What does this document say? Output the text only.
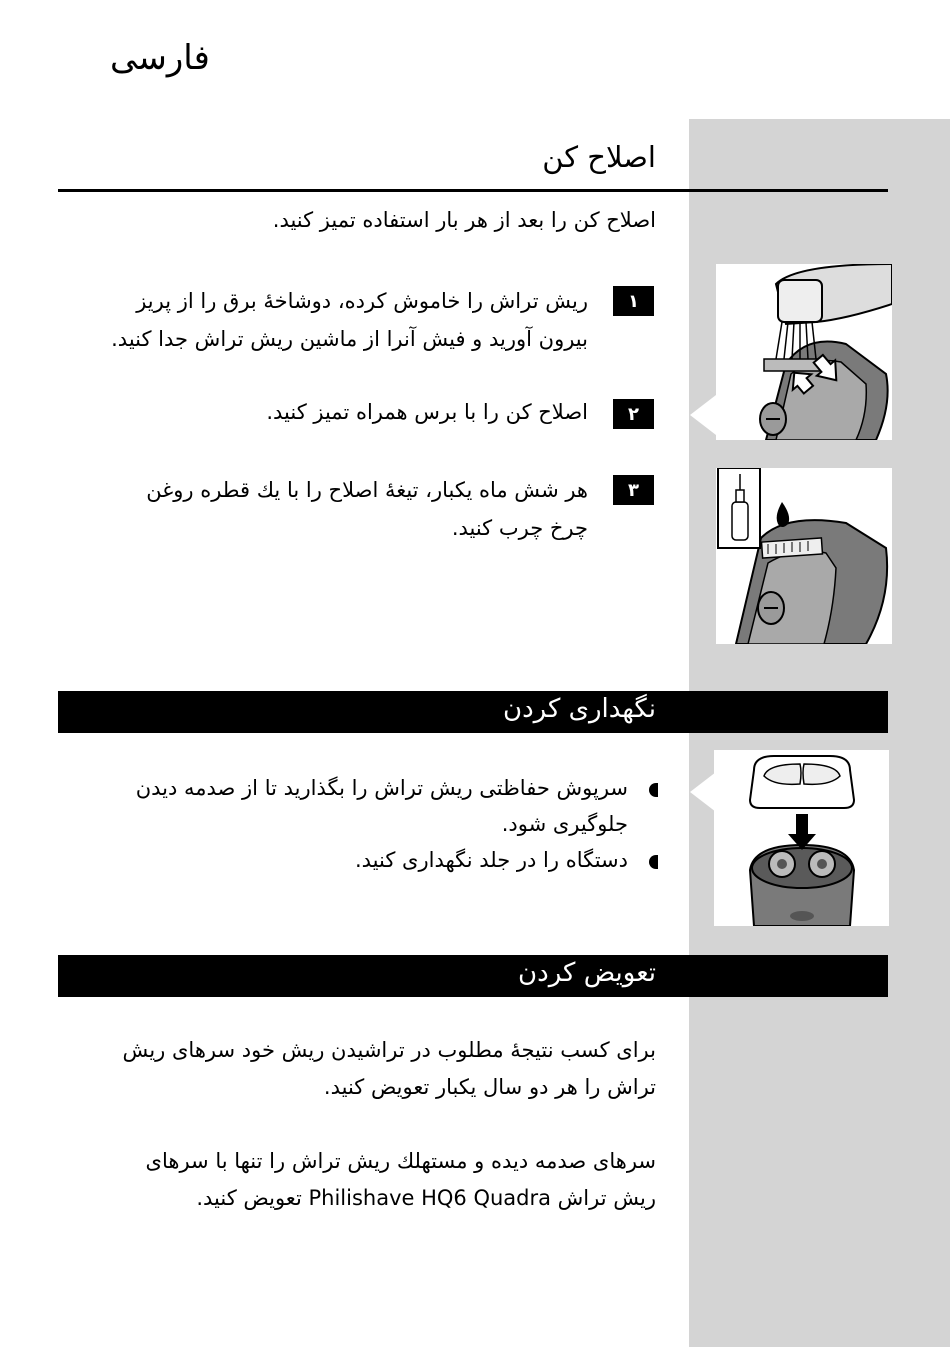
فارسی
اصلاح کن
اصلاح کن را بعد از هر بار استفاده تمیز کنید.
۱
ریش تراش را خاموش کرده، دوشاخهٔ برق را از پریز
بیرون آورید و فیش آنرا از ماشین ریش تراش جدا کنید.
۲
اصلاح کن را با برس همراه تمیز کنید.
۳
هر شش ماه یکبار، تیغهٔ اصلاح را با یك قطره روغن
چرخ چرب کنید.
نگهداری کردن
سرپوش حفاظتی ریش تراش را بگذارید تا از صدمه دیدن
جلوگیری شود.
دستگاه را در جلد نگهداری کنید.
تعویض کردن
برای کسب نتیجهٔ مطلوب در تراشیدن ریش خود سرهای ریش
تراش را هر دو سال یکبار تعویض کنید.
سرهای صدمه دیده و مستهلك ریش تراش را تنها با سرهای
ریش تراش Philishave HQ6 Quadra تعویض کنید.
